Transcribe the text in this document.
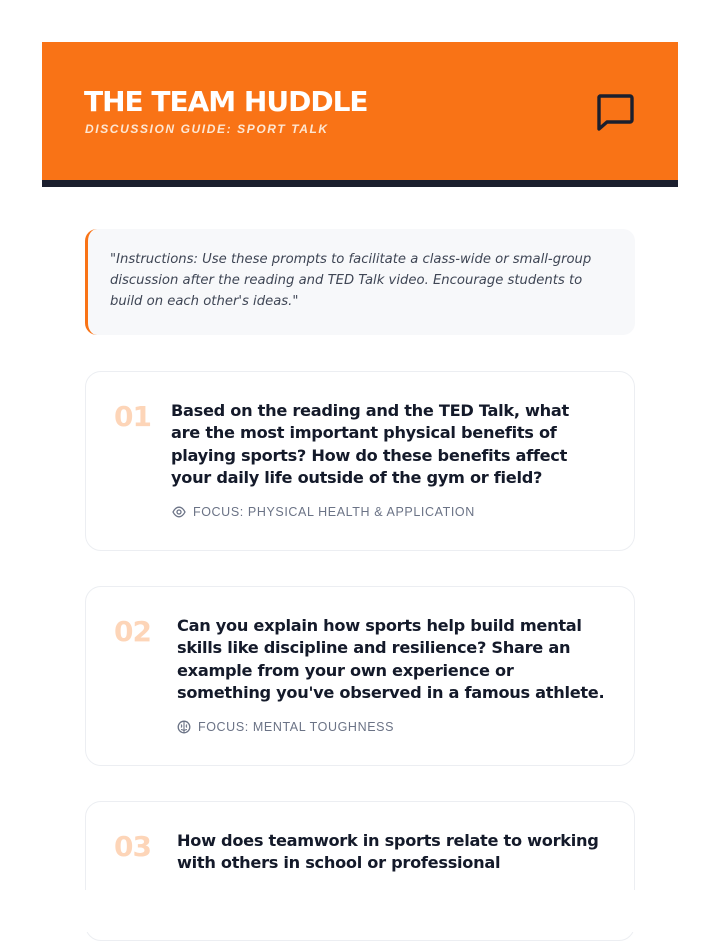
THE TEAM HUDDLE
DISCUSSION GUIDE: SPORT TALK
"Instructions: Use these prompts to facilitate a class-wide or small-group discussion after the reading and TED Talk video. Encourage students to build on each other's ideas."
01 Based on the reading and the TED Talk, what are the most important physical benefits of playing sports? How do these benefits affect your daily life outside of the gym or field?
FOCUS: PHYSICAL HEALTH & APPLICATION
02 Can you explain how sports help build mental skills like discipline and resilience? Share an example from your own experience or something you've observed in a famous athlete.
FOCUS: MENTAL TOUGHNESS
03 How does teamwork in sports relate to working with others in school or professional
